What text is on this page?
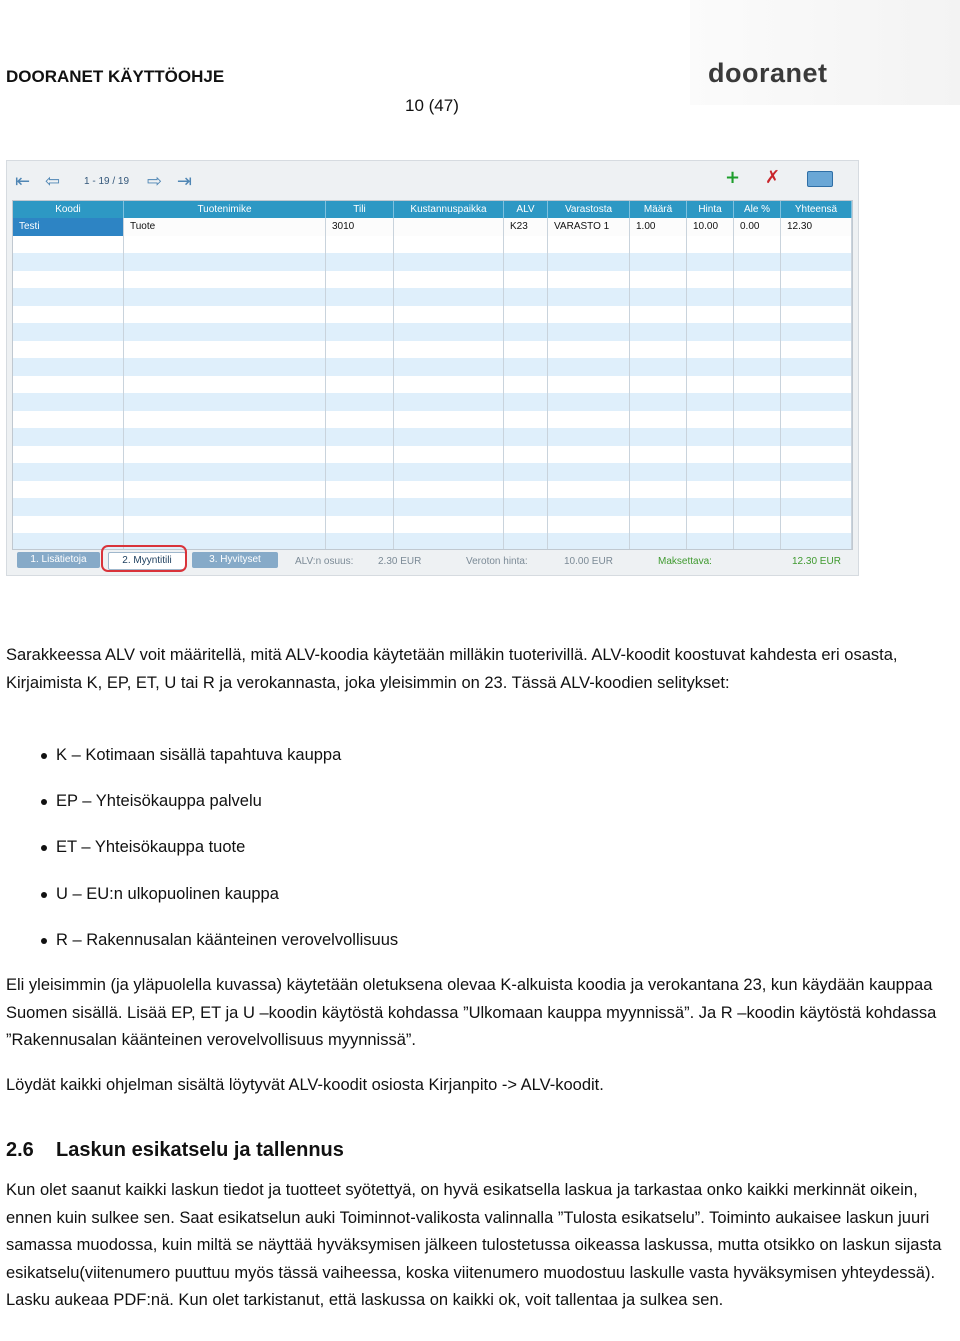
DOORANET KÄYTTÖOHJE
10 (47)
dooranet
⇤ ⇦ 1 - 19 / 19 ⇨ ⇥	+ ✗
Koodi	Tuotenimike	Tili	Kustannuspaikka	ALV	Varastosta	Määrä	Hinta	Ale %	Yhteensä
Testi	Tuote	3010	K23	VARASTO 1	1.00	10.00	0.00	12.30
1. Lisätietoja	2. Myyntitili	3. Hyvityset	ALV:n osuus: 2.30 EUR	Veroton hinta:	10.00 EUR	Maksettava:	12.30 EUR
Sarakkeessa ALV voit määritellä, mitä ALV-koodia käytetään milläkin tuoterivillä. ALV-koodit koostuvat kahdesta eri osasta, Kirjaimista K, EP, ET, U tai R ja verokannasta, joka yleisimmin on 23. Tässä ALV-koodien selitykset:
K – Kotimaan sisällä tapahtuva kauppa
EP – Yhteisökauppa palvelu
ET – Yhteisökauppa tuote
U – EU:n ulkopuolinen kauppa
R – Rakennusalan käänteinen verovelvollisuus
Eli yleisimmin (ja yläpuolella kuvassa) käytetään oletuksena olevaa K-alkuista koodia ja verokantana 23, kun käydään kauppaa Suomen sisällä. Lisää EP, ET ja U –koodin käytöstä kohdassa ”Ulkomaan kauppa myynnissä”. Ja R –koodin käytöstä kohdassa ”Rakennusalan käänteinen verovelvollisuus myynnissä”.
Löydät kaikki ohjelman sisältä löytyvät ALV-koodit osiosta Kirjanpito -> ALV-koodit.
2.6 Laskun esikatselu ja tallennus
Kun olet saanut kaikki laskun tiedot ja tuotteet syötettyä, on hyvä esikatsella laskua ja tarkastaa onko kaikki merkinnät oikein, ennen kuin sulkee sen. Saat esikatselun auki Toiminnot-valikosta valinnalla ”Tulosta esikatselu”. Toiminto aukaisee laskun juuri samassa muodossa, kuin miltä se näyttää hyväksymisen jälkeen tulostetussa oikeassa laskussa, mutta otsikko on laskun sijasta esikatselu(viitenumero puuttuu myös tässä vaiheessa, koska viitenumero muodostuu laskulle vasta hyväksymisen yhteydessä). Lasku aukeaa PDF:nä. Kun olet tarkistanut, että laskussa on kaikki ok, voit tallentaa ja sulkea sen.
